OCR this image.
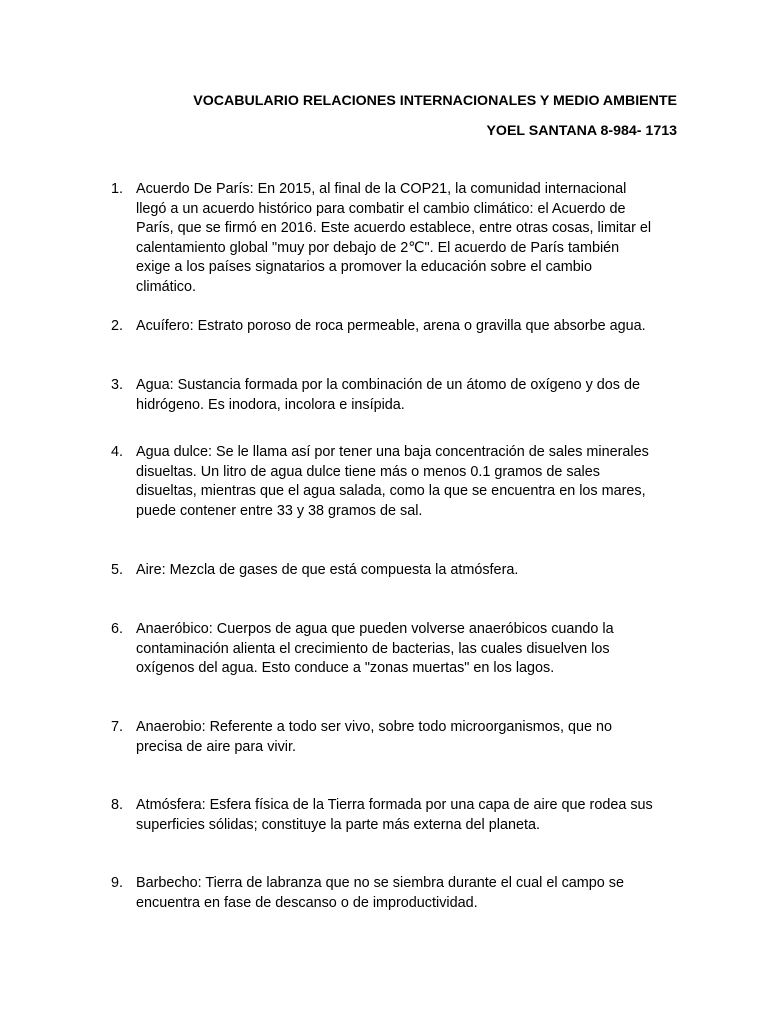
VOCABULARIO RELACIONES INTERNACIONALES Y MEDIO AMBIENTE
YOEL SANTANA 8-984- 1713
1. Acuerdo De París: En 2015, al final de la COP21, la comunidad internacional
llegó a un acuerdo histórico para combatir el cambio climático: el Acuerdo de
París, que se firmó en 2016. Este acuerdo establece, entre otras cosas, limitar el
calentamiento global "muy por debajo de 2℃". El acuerdo de París también
exige a los países signatarios a promover la educación sobre el cambio
climático.
2. Acuífero: Estrato poroso de roca permeable, arena o gravilla que absorbe agua.
3. Agua: Sustancia formada por la combinación de un átomo de oxígeno y dos de
hidrógeno. Es inodora, incolora e insípida.
4. Agua dulce: Se le llama así por tener una baja concentración de sales minerales
disueltas. Un litro de agua dulce tiene más o menos 0.1 gramos de sales
disueltas, mientras que el agua salada, como la que se encuentra en los mares,
puede contener entre 33 y 38 gramos de sal.
5. Aire: Mezcla de gases de que está compuesta la atmósfera.
6. Anaeróbico: Cuerpos de agua que pueden volverse anaeróbicos cuando la
contaminación alienta el crecimiento de bacterias, las cuales disuelven los
oxígenos del agua. Esto conduce a "zonas muertas" en los lagos.
7. Anaerobio: Referente a todo ser vivo, sobre todo microorganismos, que no
precisa de aire para vivir.
8. Atmósfera: Esfera física de la Tierra formada por una capa de aire que rodea sus
superficies sólidas; constituye la parte más externa del planeta.
9. Barbecho: Tierra de labranza que no se siembra durante el cual el campo se
encuentra en fase de descanso o de improductividad.
